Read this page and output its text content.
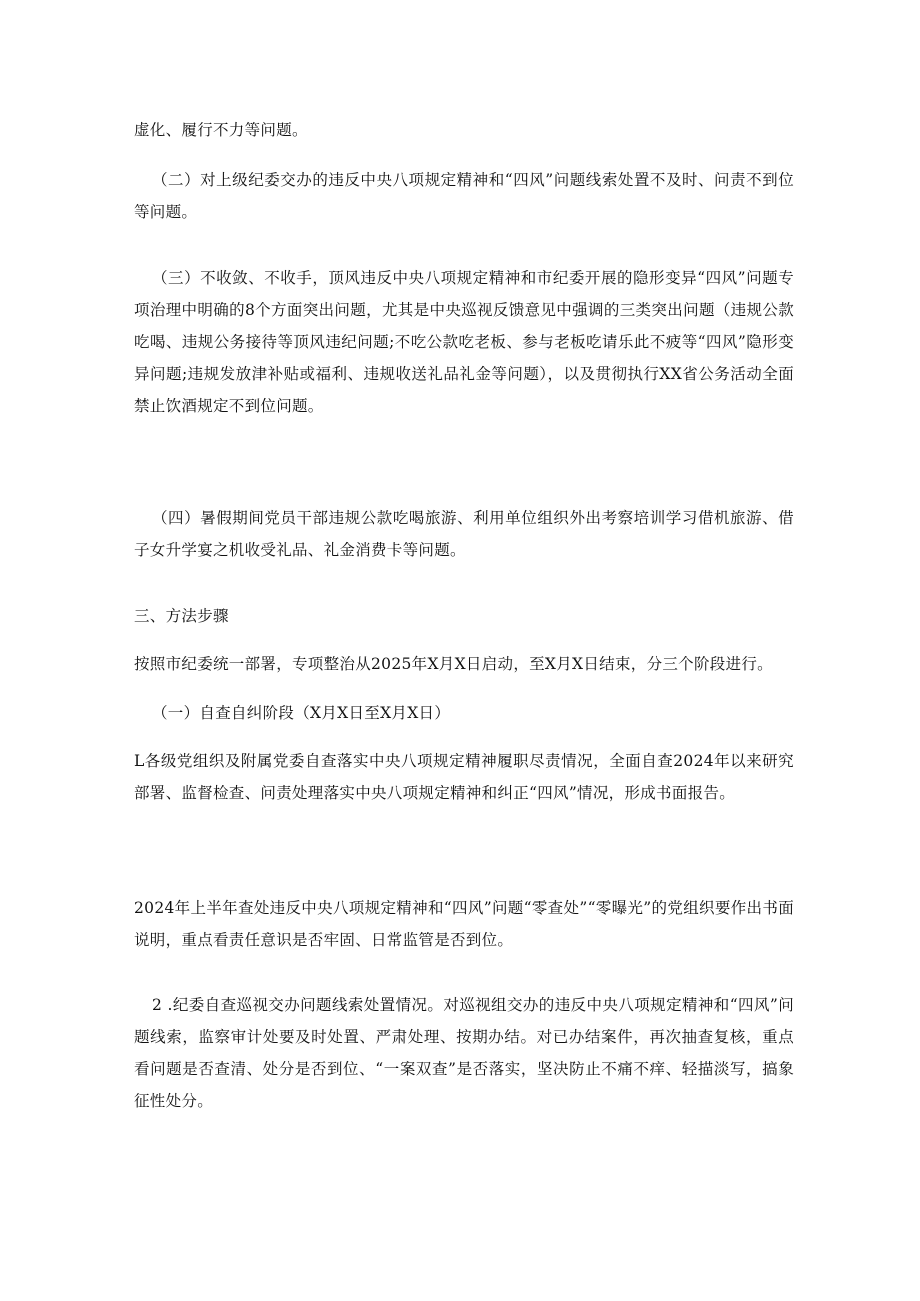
虚化、履行不力等问题。

（二）对上级纪委交办的违反中央八项规定精神和“四风”问题线索处置不及时、问责不到位等问题。

（三）不收敛、不收手，顶风违反中央八项规定精神和市纪委开展的隐形变异“四风”问题专项治理中明确的8个方面突出问题，尤其是中央巡视反馈意见中强调的三类突出问题（违规公款吃喝、违规公务接待等顶风违纪问题;不吃公款吃老板、参与老板吃请乐此不疲等“四风”隐形变异问题;违规发放津补贴或福利、违规收送礼品礼金等问题），以及贯彻执行XX省公务活动全面禁止饮酒规定不到位问题。

（四）暑假期间党员干部违规公款吃喝旅游、利用单位组织外出考察培训学习借机旅游、借子女升学宴之机收受礼品、礼金消费卡等问题。

三、方法步骤

按照市纪委统一部署，专项整治从2025年X月X日启动，至X月X日结束，分三个阶段进行。

（一）自查自纠阶段（X月X日至X月X日）

L各级党组织及附属党委自查落实中央八项规定精神履职尽责情况，全面自查2024年以来研究部署、监督检查、问责处理落实中央八项规定精神和纠正“四风”情况，形成书面报告。

2024年上半年查处违反中央八项规定精神和“四风”问题“零查处”“零曝光”的党组织要作出书面说明，重点看责任意识是否牢固、日常监管是否到位。

2 .纪委自查巡视交办问题线索处置情况。对巡视组交办的违反中央八项规定精神和“四风”问题线索，监察审计处要及时处置、严肃处理、按期办结。对已办结案件，再次抽查复核，重点看问题是否查清、处分是否到位、“一案双查”是否落实，坚决防止不痛不痒、轻描淡写，搞象征性处分。
